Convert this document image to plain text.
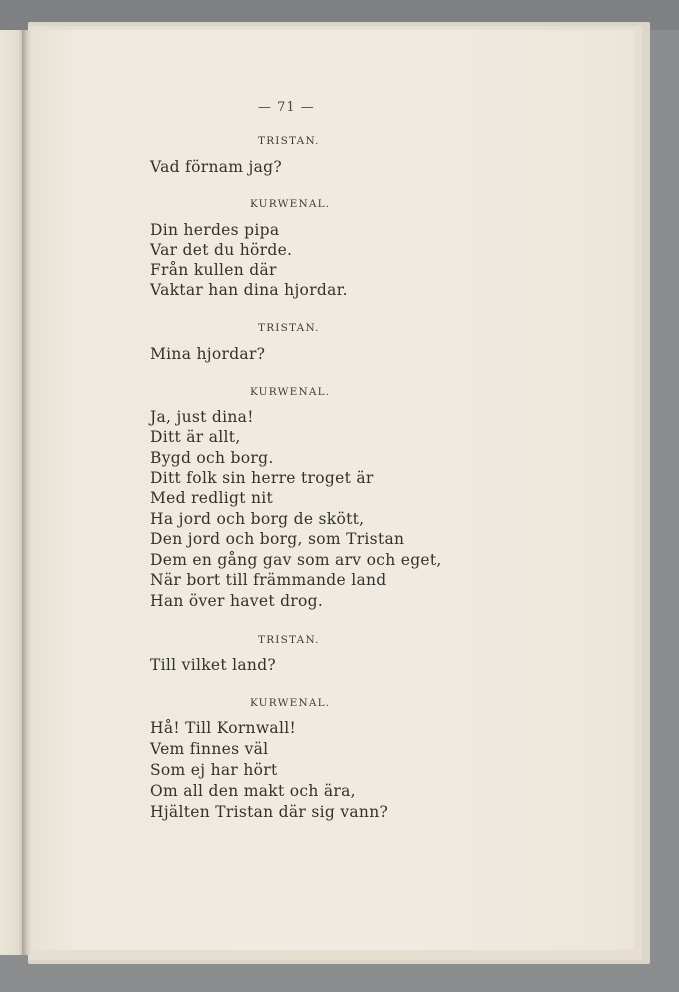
— 71 —
TRISTAN.
Vad förnam jag?
KURWENAL.
Din herdes pipa
Var det du hörde.
Från kullen där
Vaktar han dina hjordar.
TRISTAN.
Mina hjordar?
KURWENAL.
Ja, just dina!
Ditt är allt,
Bygd och borg.
Ditt folk sin herre troget är
Med redligt nit
Ha jord och borg de skött,
Den jord och borg, som Tristan
Dem en gång gav som arv och eget,
När bort till främmande land
Han över havet drog.
TRISTAN.
Till vilket land?
KURWENAL.
Hå! Till Kornwall!
Vem finnes väl
Som ej har hört
Om all den makt och ära,
Hjälten Tristan där sig vann?
